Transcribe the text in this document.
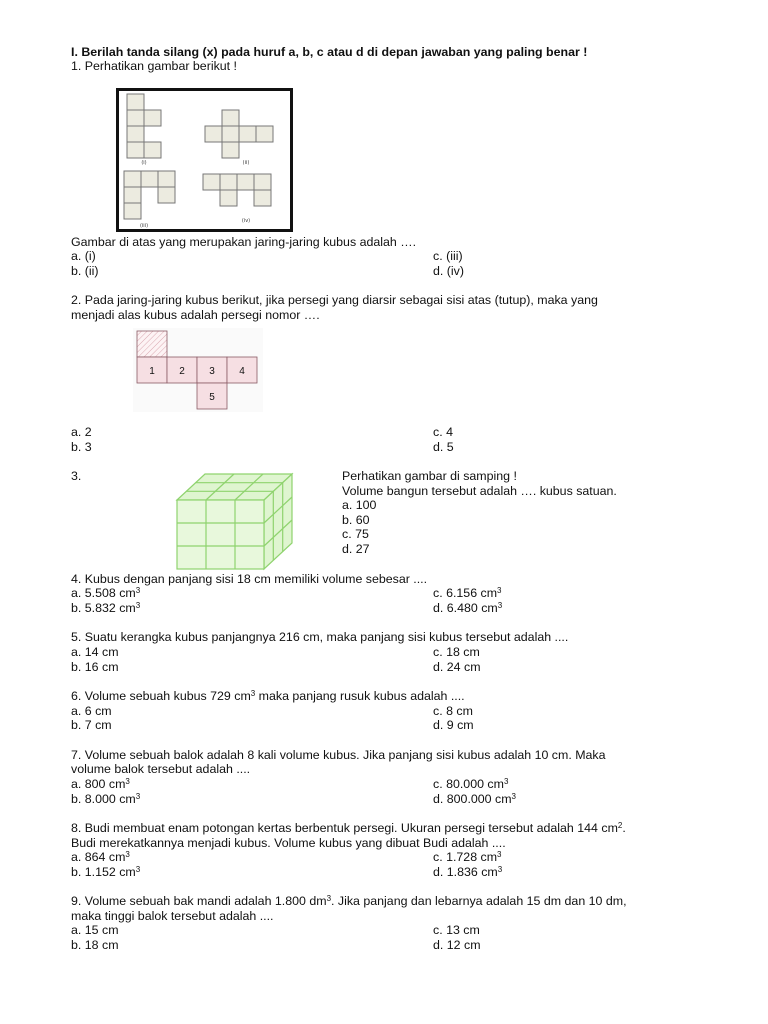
I. Berilah tanda silang (x) pada huruf a, b, c atau d di depan jawaban yang paling benar !
1. Perhatikan gambar berikut !
(i)	(ii)
(iii)
(iv)
Gambar di atas yang merupakan jaring-jaring kubus adalah ….
a. (i)	c. (iii)
b. (ii)	d. (iv)
2. Pada jaring-jaring kubus berikut, jika persegi yang diarsir sebagai sisi atas (tutup), maka yang
menjadi alas kubus adalah persegi nomor ….
1 2 3 4
5
a. 2	c. 4
b. 3	d. 5
3.	Perhatikan gambar di samping !
Volume bangun tersebut adalah …. kubus satuan.
a. 100
b. 60
c. 75
d. 27
4. Kubus dengan panjang sisi 18 cm memiliki volume sebesar ....
a. 5.508 $cm^3$	c. 6.156 $cm^3$
b. 5.832 $cm^3$	d. 6.480 $cm^3$
5. Suatu kerangka kubus panjangnya 216 cm, maka panjang sisi kubus tersebut adalah ....
a. 14 cm	c. 18 cm
b. 16 cm	d. 24 cm
6. Volume sebuah kubus 729 $cm^3$ maka panjang rusuk kubus adalah ....
a. 6 cm	c. 8 cm
b. 7 cm	d. 9 cm
7. Volume sebuah balok adalah 8 kali volume kubus. Jika panjang sisi kubus adalah 10 cm. Maka
volume balok tersebut adalah ....
a. 800 $cm^3$	c. 80.000 $cm^3$
b. 8.000 $cm^3$	d. 800.000 $cm^3$
8. Budi membuat enam potongan kertas berbentuk persegi. Ukuran persegi tersebut adalah 144 $cm^2$.
Budi merekatkannya menjadi kubus. Volume kubus yang dibuat Budi adalah ....
a. 864 $cm^3$	c. 1.728 $cm^3$
b. 1.152 $cm^3$	d. 1.836 $cm^3$
9. Volume sebuah bak mandi adalah 1.800 $dm^3$. Jika panjang dan lebarnya adalah 15 dm dan 10 dm,
maka tinggi balok tersebut adalah ....
a. 15 cm	c. 13 cm
b. 18 cm	d. 12 cm
